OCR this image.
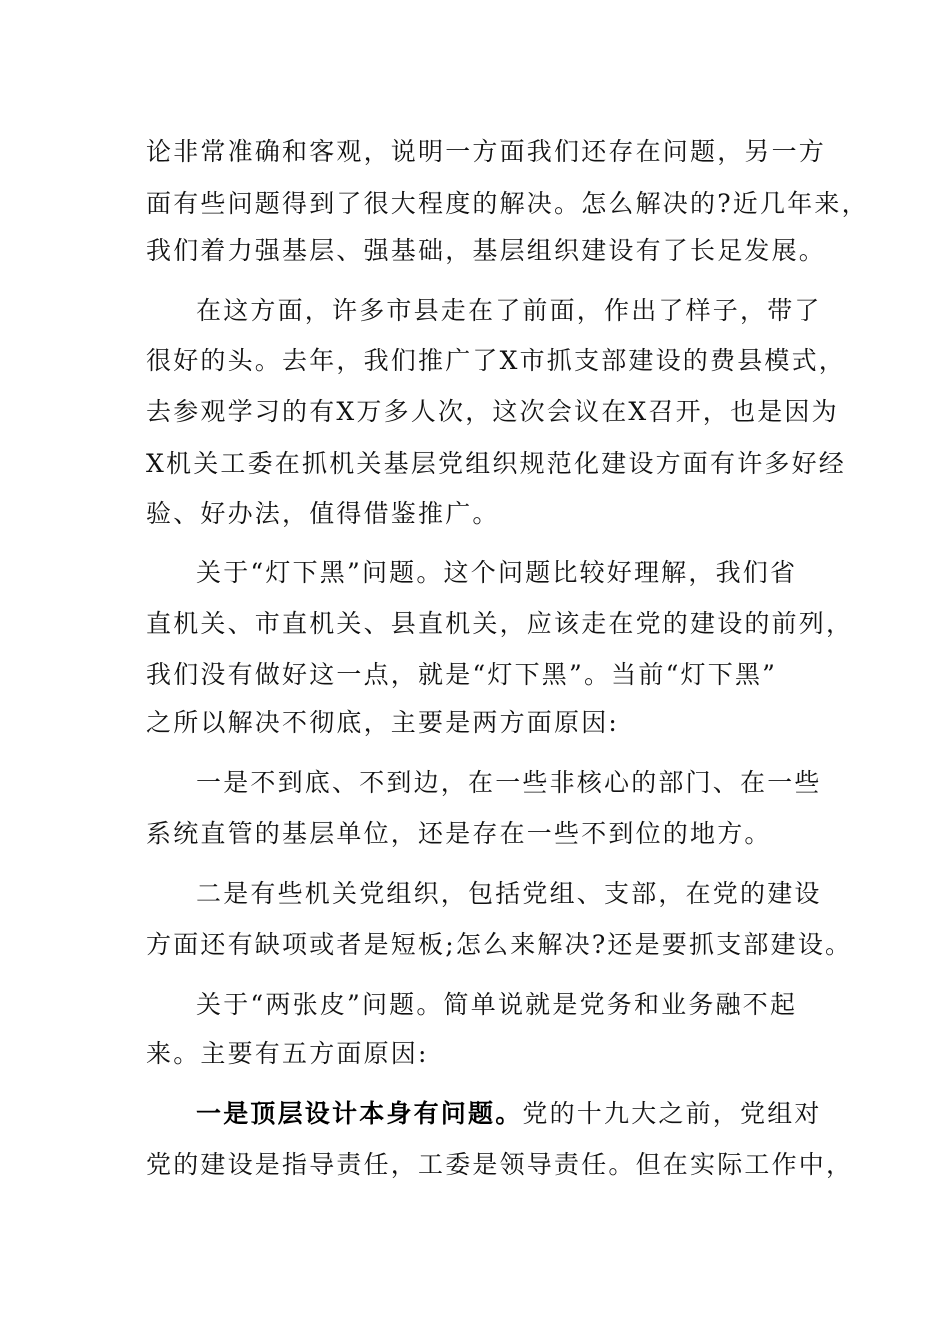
论非常准确和客观，说明一方面我们还存在问题，另一方
面有些问题得到了很大程度的解决。怎么解决的?近几年来，
我们着力强基层、强基础，基层组织建设有了长足发展。
在这方面，许多市县走在了前面，作出了样子，带了
很好的头。去年，我们推广了X市抓支部建设的费县模式，
去参观学习的有X万多人次，这次会议在X召开，也是因为
X机关工委在抓机关基层党组织规范化建设方面有许多好经
验、好办法，值得借鉴推广。
关于“灯下黑”问题。这个问题比较好理解，我们省
直机关、市直机关、县直机关，应该走在党的建设的前列，
我们没有做好这一点，就是“灯下黑”。当前“灯下黑”
之所以解决不彻底，主要是两方面原因:
一是不到底、不到边，在一些非核心的部门、在一些
系统直管的基层单位，还是存在一些不到位的地方。
二是有些机关党组织，包括党组、支部，在党的建设
方面还有缺项或者是短板;怎么来解决?还是要抓支部建设。
关于“两张皮”问题。简单说就是党务和业务融不起
来。主要有五方面原因:
一是顶层设计本身有问题。党的十九大之前，党组对
党的建设是指导责任，工委是领导责任。但在实际工作中，
